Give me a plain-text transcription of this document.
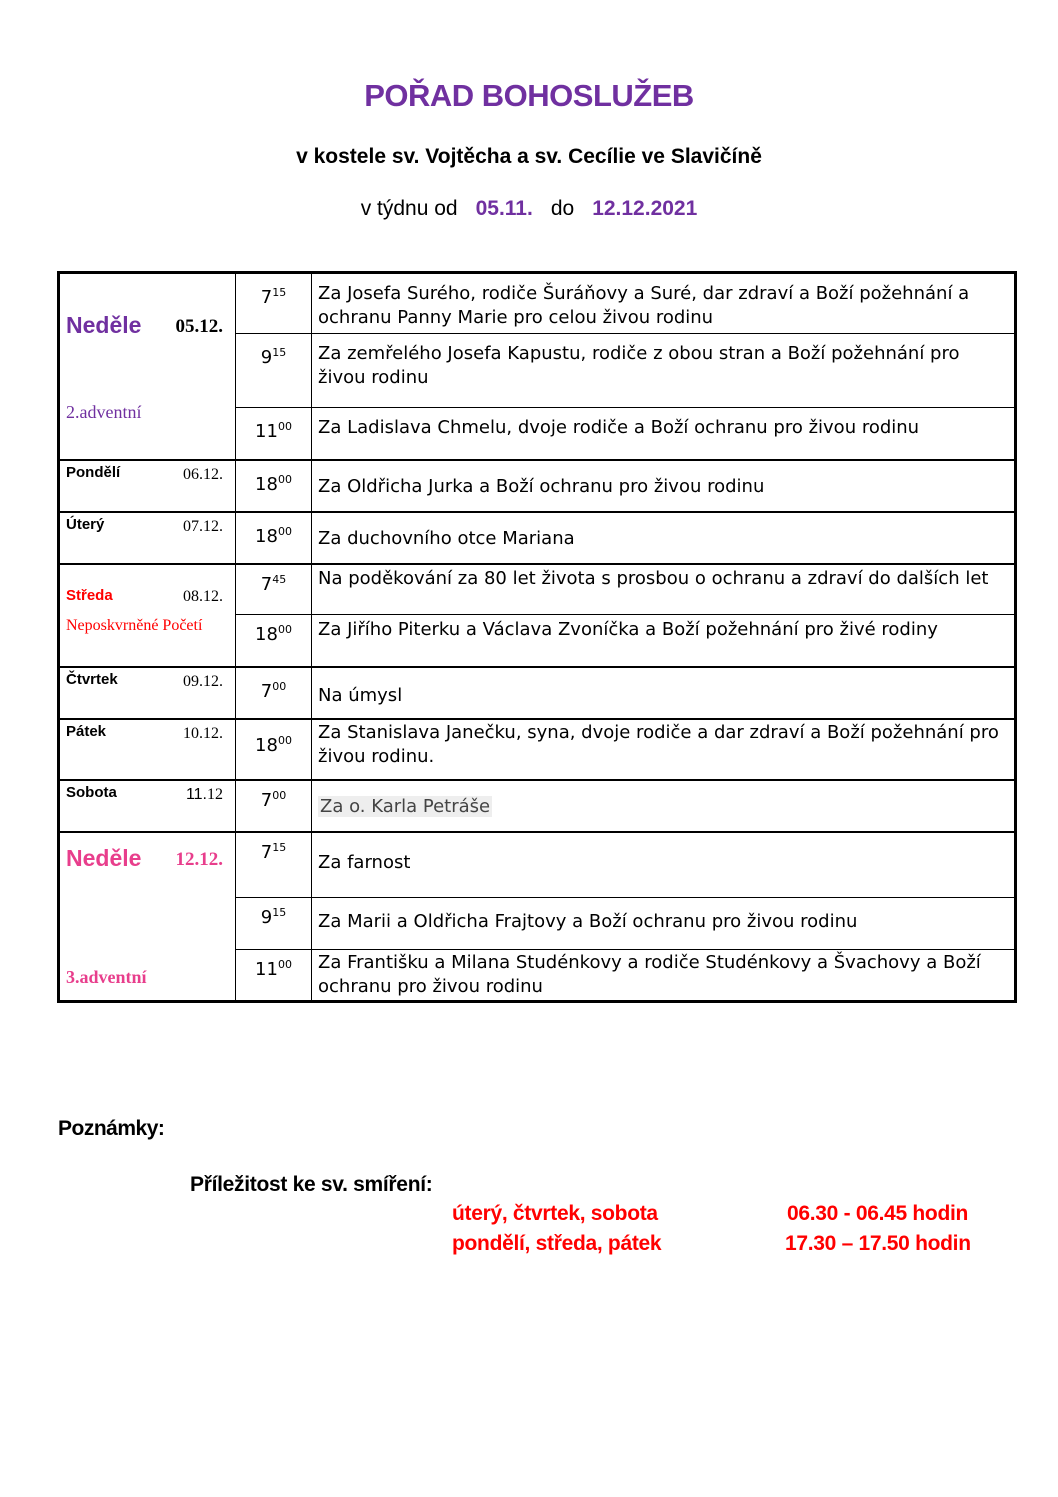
POŘAD BOHOSLUŽEB
v kostele sv. Vojtěcha a sv. Cecílie ve Slavičíně
v týdnu od 05.11. do 12.12.2021
Neděle 05.12.
2.adventní	$7^{15}$	Za Josefa Surého, rodiče Šuráňovy a Suré, dar zdraví a Boží požehnání a ochranu Panny Marie pro celou živou rodinu
	$9^{15}$	Za zemřelého Josefa Kapustu, rodiče z obou stran a Boží požehnání pro živou rodinu
	$11^{00}$	Za Ladislava Chmelu, dvoje rodiče a Boží ochranu pro živou rodinu

Pondělí 06.12.	$18^{00}$	Za Oldřicha Jurka a Boží ochranu pro živou rodinu

Úterý 07.12.	$18^{00}$	Za duchovního otce Mariana

Středa 08.12.
Neposkvrněné Početí	$7^{45}$	Na poděkování za 80 let života s prosbou o ochranu a zdraví do dalších let
	$18^{00}$	Za Jiřího Piterku a Václava Zvoníčka a Boží požehnání pro živé rodiny

Čtvrtek 09.12.	$7^{00}$	Na úmysl

Pátek 10.12.	$18^{00}$	Za Stanislava Janečku, syna, dvoje rodiče a dar zdraví a Boží požehnání pro živou rodinu.

Sobota 11.12	$7^{00}$	Za o. Karla Petráše

Neděle 12.12.
3.adventní	$7^{15}$	Za farnost
	$9^{15}$	Za Marii a Oldřicha Frajtovy a Boží ochranu pro živou rodinu
	$11^{00}$	Za Františku a Milana Studénkovy a rodiče Studénkovy a Švachovy a Boží ochranu pro živou rodinu
Poznámky:
Příležitost ke sv. smíření:
úterý, čtvrtek, sobota	06.30 - 06.45 hodin
pondělí, středa, pátek	17.30 – 17.50 hodin
